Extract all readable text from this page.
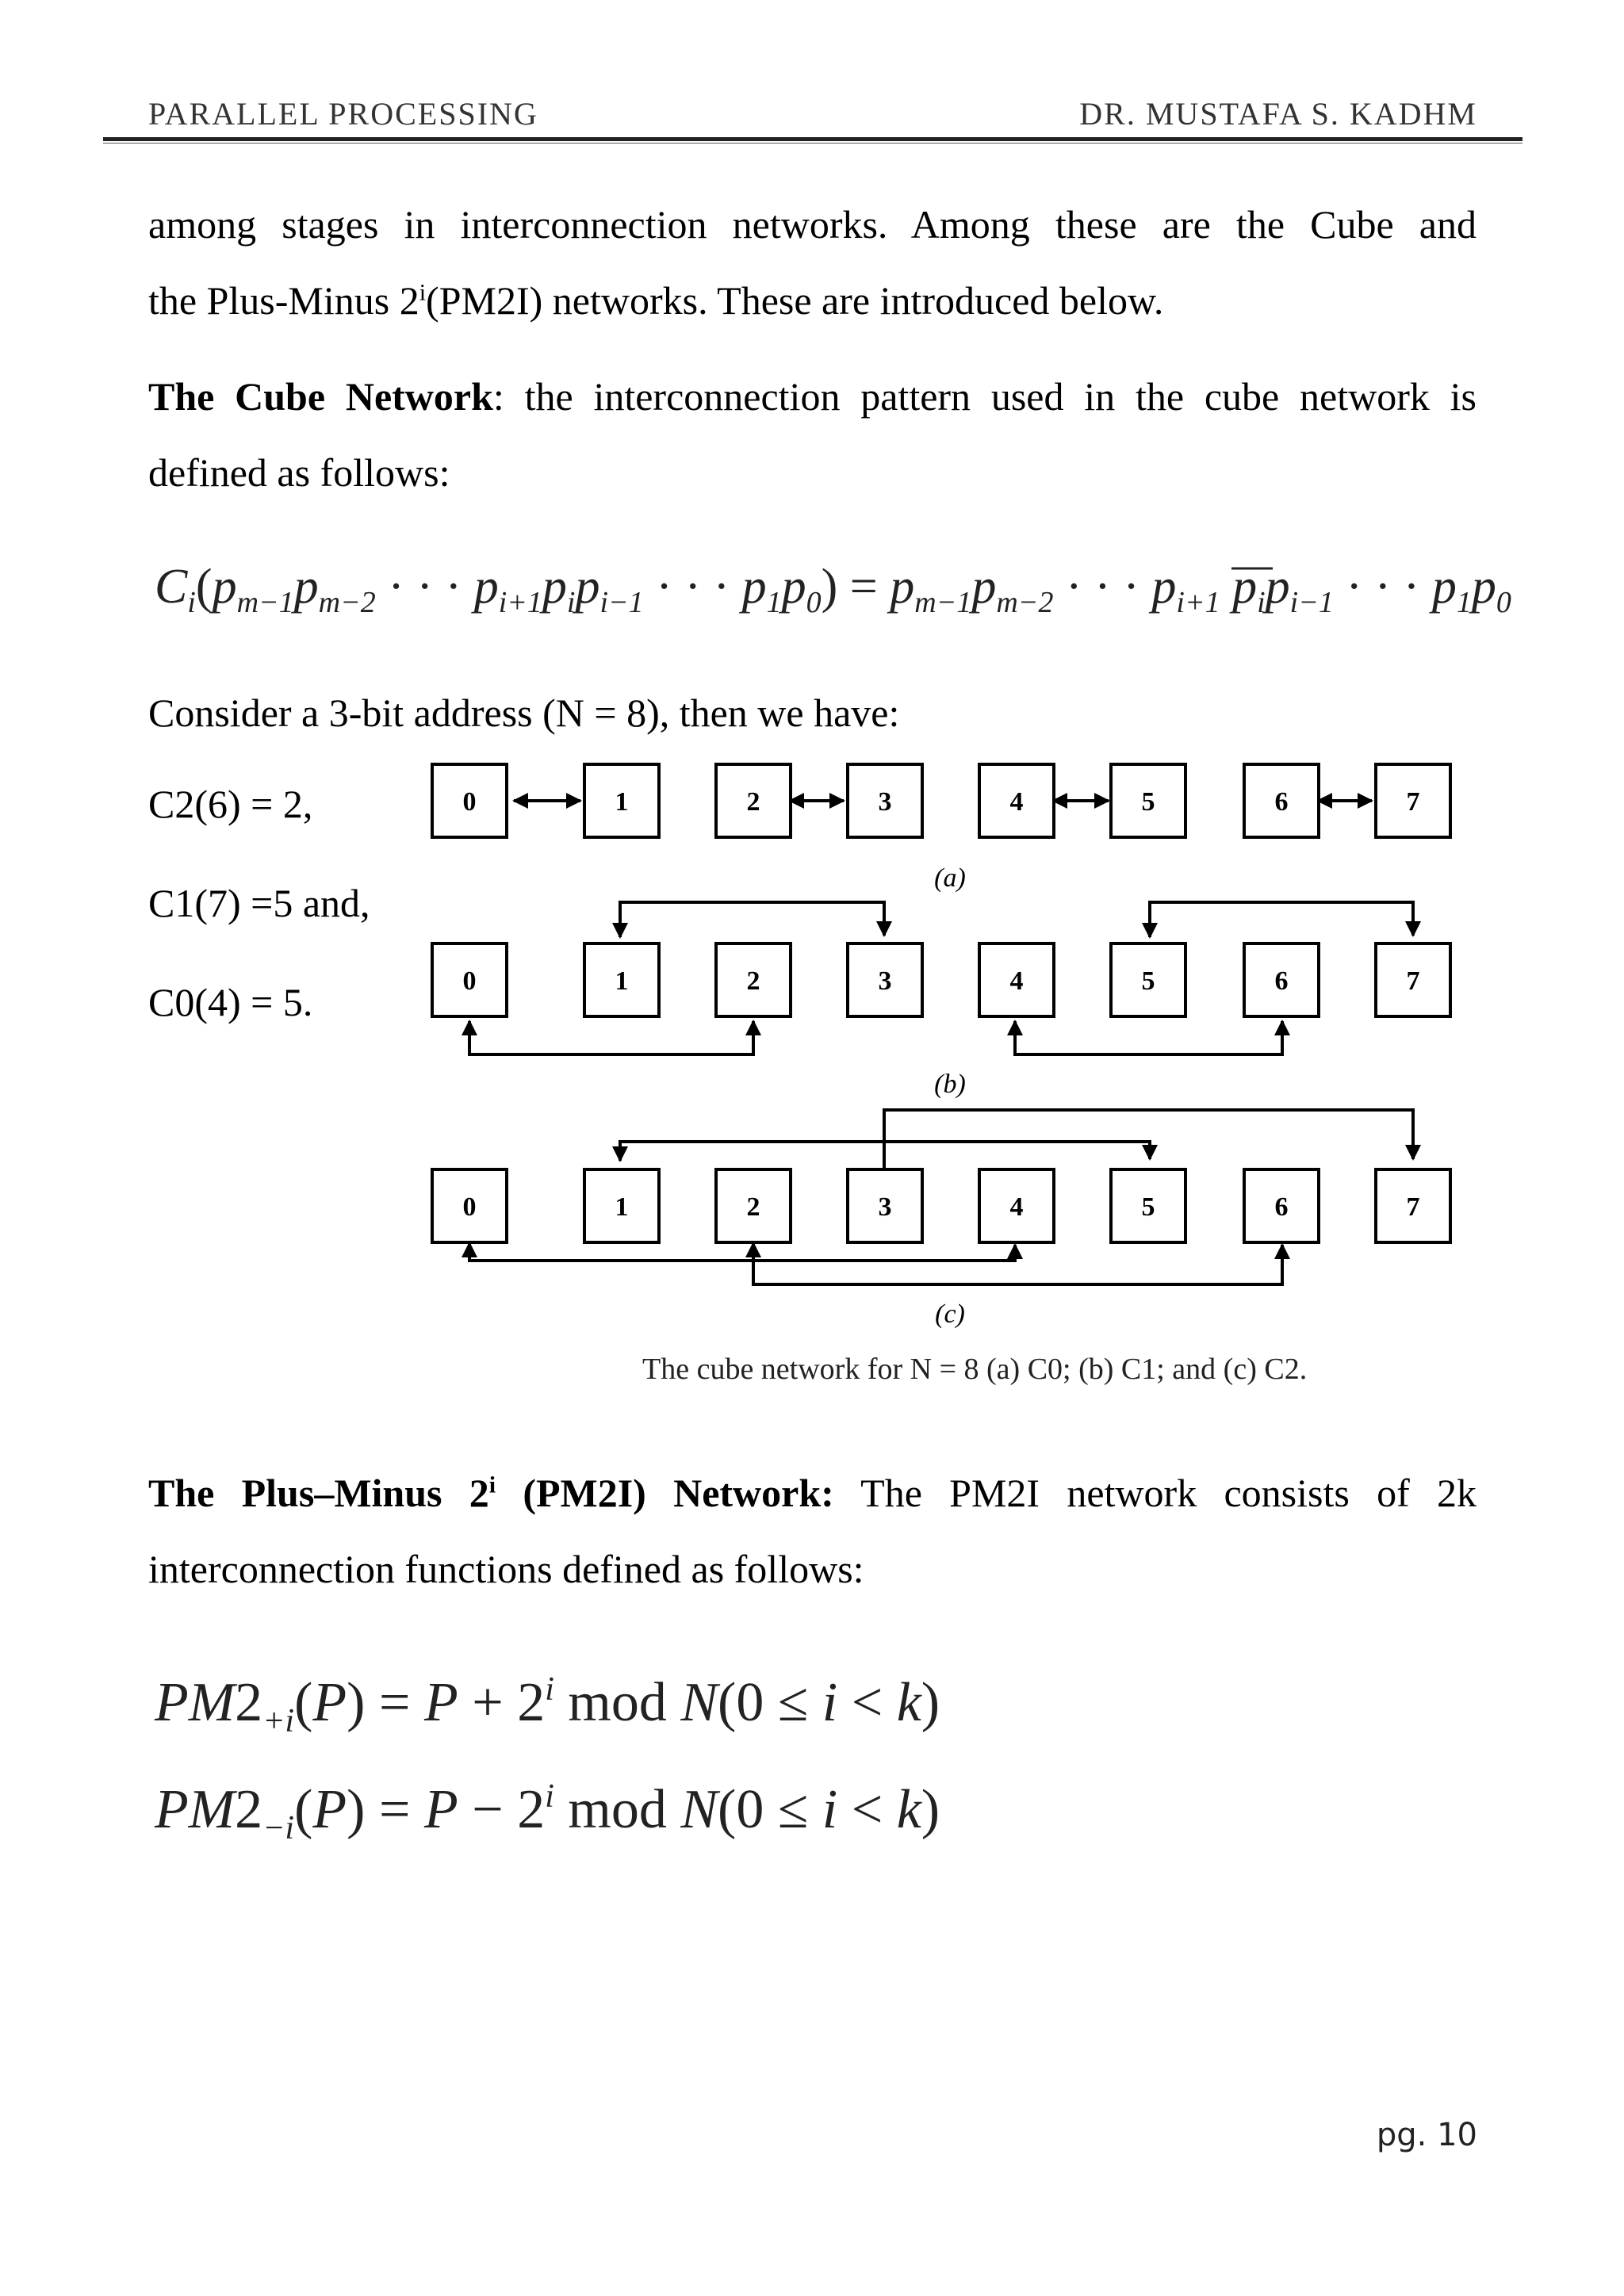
PARALLEL PROCESSING	DR. MUSTAFA S. KADHM
among stages in interconnection networks. Among these are the Cube and
the Plus-Minus 2$^i$(PM2I) networks. These are introduced below.
The Cube Network: the interconnection pattern used in the cube network is
defined as follows:
Ci(pm−1pm−2 · · · pi+1pipi−1 · · · p1p0) = pm−1pm−2 · · · pi+1 pipi−1 · · · p1p0
Consider a 3-bit address (N = 8), then we have:
C2(6) = 2,
C1(7) =5 and,
C0(4) = 5.
0	1	2	3	4	5	6	7
0	1	2	3	4	5	6	7
0	1	2	3	4	5	6	7
(a)
(b)
(c)
The cube network for N = 8 (a) C0; (b) C1; and (c) C2.
The Plus–Minus 2$^i$ (PM2I) Network: The PM2I network consists of 2k
interconnection functions defined as follows:
$PM2_{+i}(P) = P + 2^i$ mod N(0 ≤ i < k)
$PM2_{-i}(P) = P - 2^i$ mod N(0 ≤ i < k)
pg. 10
